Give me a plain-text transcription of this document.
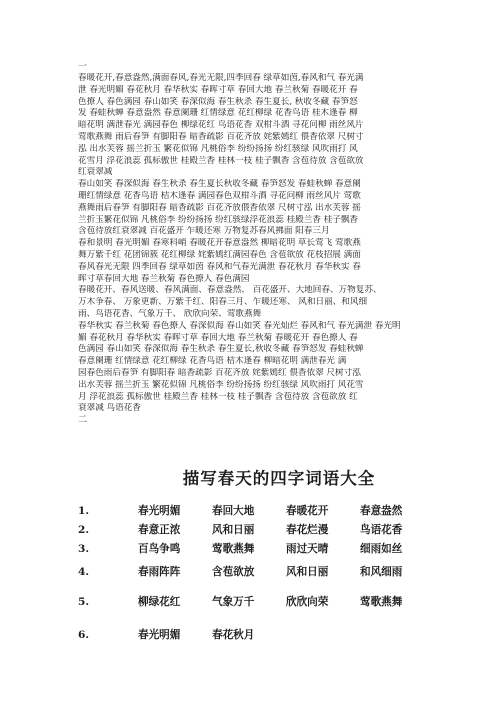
一
春暖花开,春意盎然,满面春风,春光无限,四季回春 绿草如茵,春风和气 春光满
泄 春光明媚 春花秋月 春华秋实 春晖寸草 春回大地 春兰秋菊 春暖花开 春
色撩人 春色满园 春山如笑 春深似海 春生秋杀 春生夏长, 秋收冬藏 春笋怒
发 春蛙秋蝉 春意盎然 春意阑珊 红情绿意 花红柳绿 花香鸟语 桂木逢春 柳
暗花明 满泄春光 满园春色 柳绿花红 鸟语花香 双柑斗酒 寻花问柳 雨丝风片
莺歌燕舞 雨后春笋 有脚阳春 暗香疏影 百花齐放 姹紫嫣红 偎香依翠 尺树寸
泓 出水芙蓉 摇兰折玉 繁花似锦 凡桃俗李 纷纷扬扬 纷红骇绿 风吹雨打 风
花雪月 浮花浪蕊 孤标傲世 桂殿兰香 桂林一枝 桂子飘香 含苞待放 含苞欲放
红衰翠减
春山如笑 春深似海 春生秋杀 春生夏长秋收冬藏 春笋怒发 春蛙秋蝉 春意阑
珊红情绿意 花香鸟语 桔木逢春 满园春色双柑斗酒 寻花问柳 雨丝风片 莺歌
燕舞雨后春笋 有脚阳春 暗香疏影 百花齐放偎香依翠 尺树寸泓 出水芙蓉 摇
兰折玉繁花似锦 凡桃俗李 纷纷扬扬 纷红骇绿浮花浪蕊 桂殿兰香 桂子飘香
含苞待放红衰翠减 百花盛开 乍暖还寒 万物复苏春风拂面 阳春三月
春和景明 春光明媚 春寒料峭 春暖花开春意盎然 柳暗花明 草长莺飞 莺歌燕
舞万紫千红 花团锦簇 花红柳绿 姹紫嫣红满园春色 含苞欲放 花枝招展 满面
春风春光无限 四季回春 绿草如茵 春风和气春光满泄 春花秋月 春华秋实 春
晖寸草春回大地 春兰秋菊 春色撩人 春色满园
春暖花开、春风送暖、春风满面、春意盎然、 百花盛开、大地回春、万物复苏、
万木争春、 万象更新、万紫千红、阳春三月、乍暖还寒、 风和日丽、和风细
雨、鸟语花香、气象万千、 欣欣向荣、莺歌燕舞
春华秋实 春兰秋菊 春色撩人 春深似海 春山如笑 春光灿烂 春风和气 春光满泄 春光明
媚 春花秋月 春华秋实 春晖寸草 春回大地 春兰秋菊 春暖花开 春色撩人 春
色满园 春山如笑 春深似海 春生秋杀 春生夏长,秋收冬藏 春笋怒发 春蛙秋蝉
春意阑珊 红情绿意 花红柳绿 花香鸟语 桔木逢春 柳暗花明 满泄春光 满
园春色雨后春笋 有脚阳春 暗香疏影 百花齐放 姹紫嫣红 偎香依翠 尺树寸泓
出水芙蓉 摇兰折玉 繁花似锦 凡桃俗李 纷纷扬扬 纷红骇绿 风吹雨打 风花雪
月 浮花浪蕊 孤标傲世 桂殿兰香 桂林一枝 桂子飘香 含苞待放 含苞欲放 红
衰翠减 鸟语花香
二
描写春天的四字词语大全
1.	春光明媚	春回大地	春暖花开	春意盎然
2.	春意正浓	风和日丽	春花烂漫	鸟语花香
3.	百鸟争鸣	莺歌燕舞	雨过天晴	细雨如丝
4.	春雨阵阵	含苞欲放	风和日丽	和风细雨
5.	柳绿花红	气象万千	欣欣向荣	莺歌燕舞
6.	春光明媚	春花秋月
